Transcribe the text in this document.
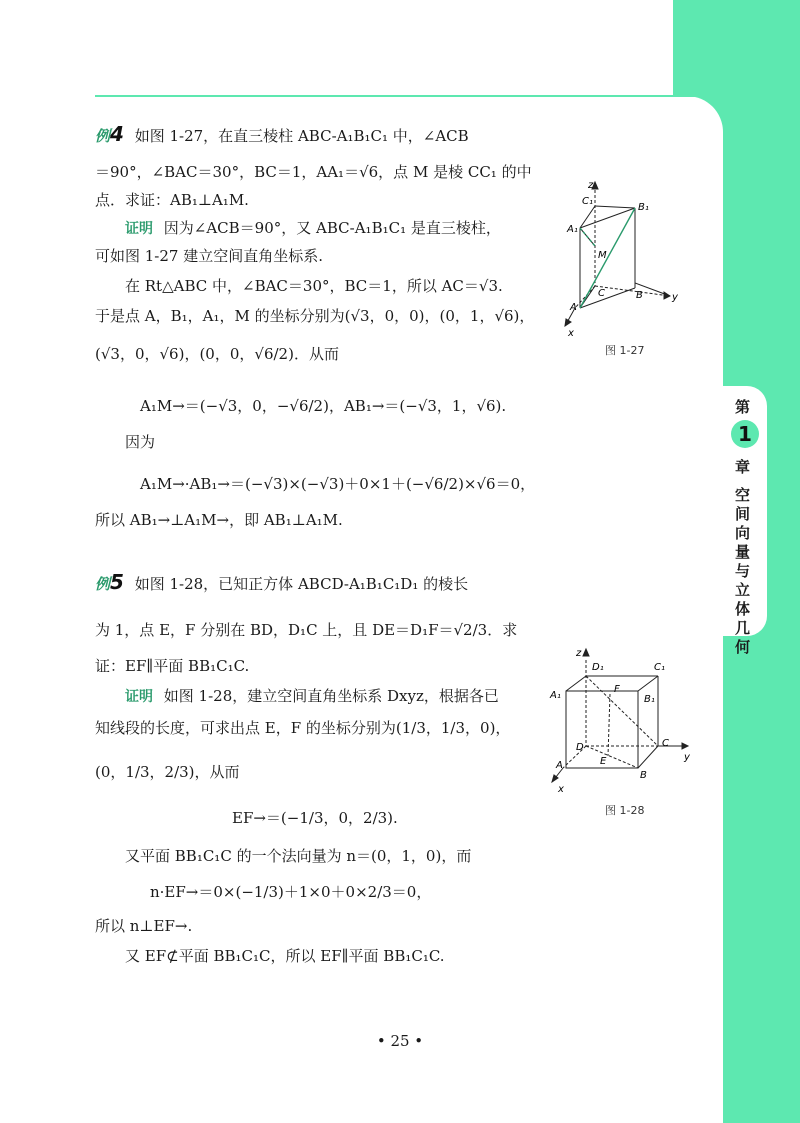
第
1
章
空间向量与立体几何
例4 如图 1-27，在直三棱柱 ABC-A₁B₁C₁ 中，∠ACB
＝90°，∠BAC＝30°，BC＝1，AA₁＝√6，点 M 是棱 CC₁ 的中
点．求证：AB₁⊥A₁M.
证明 因为∠ACB＝90°，又 ABC-A₁B₁C₁ 是直三棱柱，
可如图 1-27 建立空间直角坐标系.
在 Rt△ABC 中，∠BAC＝30°，BC＝1，所以 AC＝√3.
于是点 A，B₁，A₁，M 的坐标分别为(√3，0，0)，(0，1，√6)，
(√3，0，√6)，(0，0，√6/2)．从而
A₁M→＝(−√3，0，−√6/2)，AB₁→＝(−√3，1，√6).
因为
A₁M→·AB₁→＝(−√3)×(−√3)＋0×1＋(−√6/2)×√6＝0，
所以 AB₁→⊥A₁M→，即 AB₁⊥A₁M.
z
C₁
B₁
A₁
M
A
C	B	y
x
图 1-27
例5 如图 1-28，已知正方体 ABCD-A₁B₁C₁D₁ 的棱长
为 1，点 E，F 分别在 BD，D₁C 上，且 DE＝D₁F＝√2/3．求
证：EF∥平面 BB₁C₁C.
证明 如图 1-28，建立空间直角坐标系 Dxyz，根据各已
知线段的长度，可求出点 E，F 的坐标分别为(1/3，1/3，0)，
(0，1/3，2/3)，从而
EF→＝(−1/3，0，2/3).
又平面 BB₁C₁C 的一个法向量为 n＝(0，1，0)，而
n·EF→＝0×(−1/3)＋1×0＋0×2/3＝0，
所以 n⊥EF→.
又 EF⊄平面 BB₁C₁C，所以 EF∥平面 BB₁C₁C.
z
D₁	C₁
A₁
F
B₁
D
E
C
y
A
B
x
图 1-28
• 25 •
